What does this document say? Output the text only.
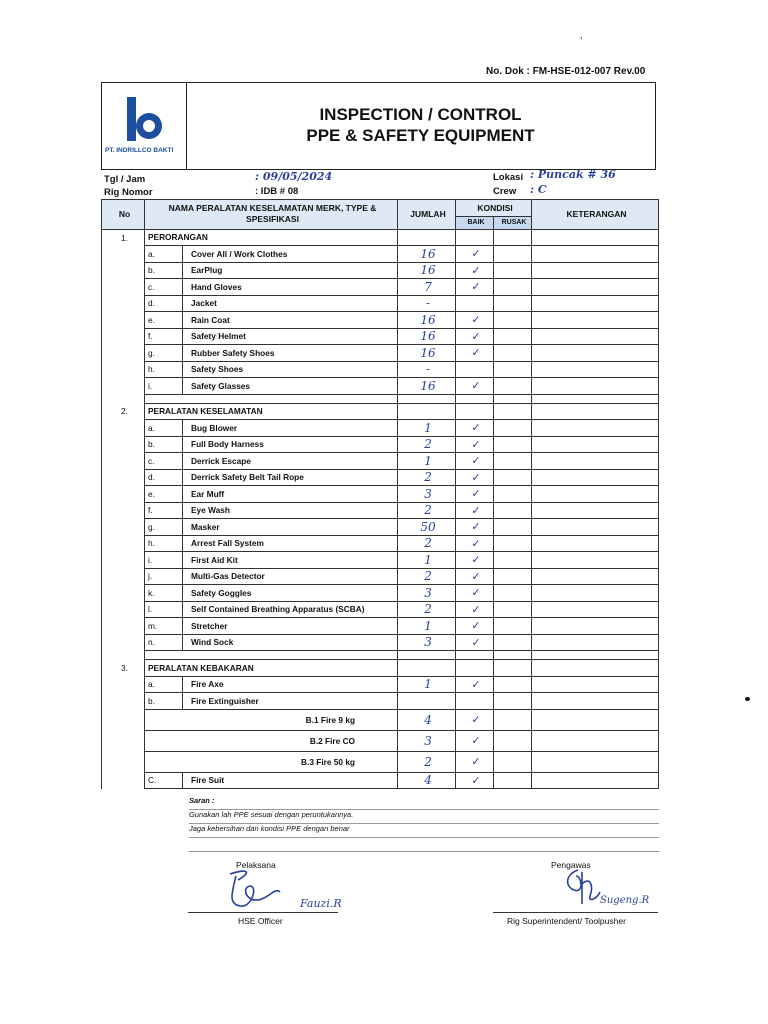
,
No. Dok : FM-HSE-012-007 Rev.00
PT. INDRILLCO BAKTI
INSPECTION / CONTROL
PPE & SAFETY EQUIPMENT
Tgl / Jam	: 09/05/2024
Rig Nomor	: IDB # 08
Lokasi : Puncak # 36
Crew : C
No	NAMA PERALATAN KESELAMATAN MERK, TYPE & SPESIFIKASI		JUMLAH	KONDISI		KETERANGAN
				BAIK	RUSAK	
1.	PERORANGAN					
	a.	Cover All / Work Clothes	16	✓		
	b.	EarPlug	16	✓		
	c.	Hand Gloves	7	✓		
	d.	Jacket	-			
	e.	Rain Coat	16	✓		
	f.	Safety Helmet	16	✓		
	g.	Rubber Safety Shoes	16	✓		
	h.	Safety Shoes	-			
	i.	Safety Glasses	16	✓		

2.	PERALATAN KESELAMATAN					
	a.	Bug Blower	1	✓		
	b.	Full Body Harness	2	✓		
	c.	Derrick Escape	1	✓		
	d.	Derrick Safety Belt Tail Rope	2	✓		
	e.	Ear Muff	3	✓		
	f.	Eye Wash	2	✓		
	g.	Masker	50	✓		
	h.	Arrest Fall System	2	✓		
	i.	First Aid Kit	1	✓		
	j.	Multi-Gas Detector	2	✓		
	k.	Safety Goggles	3	✓		
	l.	Self Contained Breathing Apparatus (SCBA)	2	✓		
	m.	Stretcher	1	✓		
	n.	Wind Sock	3	✓		

3.	PERALATAN KEBAKARAN					
	a.	Fire Axe	1	✓		
	b.	Fire Extinguisher				
	B.1 Fire 9 kg		4	✓		
	B.2 Fire CO		3	✓		
	B.3 Fire 50 kg		2	✓		
	C.	Fire Suit	4	✓		
Saran :
Gunakan lah PPE sesuai dengan peruntukannya.
Jaga kebersihan dan kondisi PPE dengan benar
Pelaksana
Fauzi.R
HSE Officer
Pengawas
Sugeng.R
Rig Superintendent/ Toolpusher
